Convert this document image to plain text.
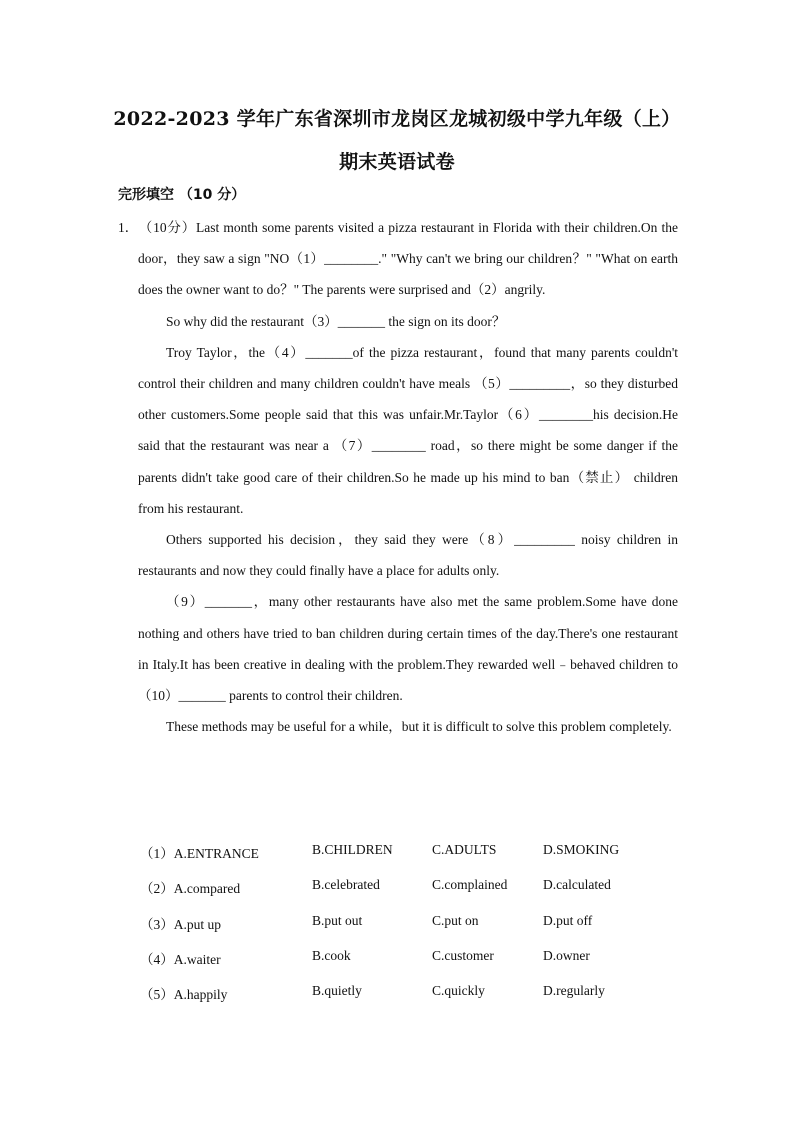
2022-2023 学年广东省深圳市龙岗区龙城初级中学九年级（上）
期末英语试卷
完形填空 （10 分）

1．（10分）Last month some parents visited a pizza restaurant in Florida with their children.On the door，they saw a sign "NO（1）________." "Why can't we bring our children？" "What on earth does the owner want to do？" The parents were surprised and（2）angrily.

So why did the restaurant（3）_______ the sign on its door？

Troy Taylor，the（4）_______of the pizza restaurant，found that many parents couldn't control their children and many children couldn't have meals （5）_________，so they disturbed other customers.Some people said that this was unfair.Mr.Taylor（6）________his decision.He said that the restaurant was near a （7）________ road，so there might be some danger if the parents didn't take good care of their children.So he made up his mind to ban（禁止） children from his restaurant.

Others supported his decision，they said they were（8）_________ noisy children in restaurants and now they could finally have a place for adults only.

（9）_______，many other restaurants have also met the same problem.Some have done nothing and others have tried to ban children during certain times of the day.There's one restaurant in Italy.It has been creative in dealing with the problem.They rewarded well﹣behaved children to（10）_______ parents to control their children.

These methods may be useful for a while，but it is difficult to solve this problem completely.

（1）A.ENTRANCE	B.CHILDREN	C.ADULTS	D.SMOKING
（2）A.compared	B.celebrated	C.complained	D.calculated
（3）A.put up	B.put out	C.put on	D.put off
（4）A.waiter	B.cook	C.customer	D.owner
（5）A.happily	B.quietly	C.quickly	D.regularly
